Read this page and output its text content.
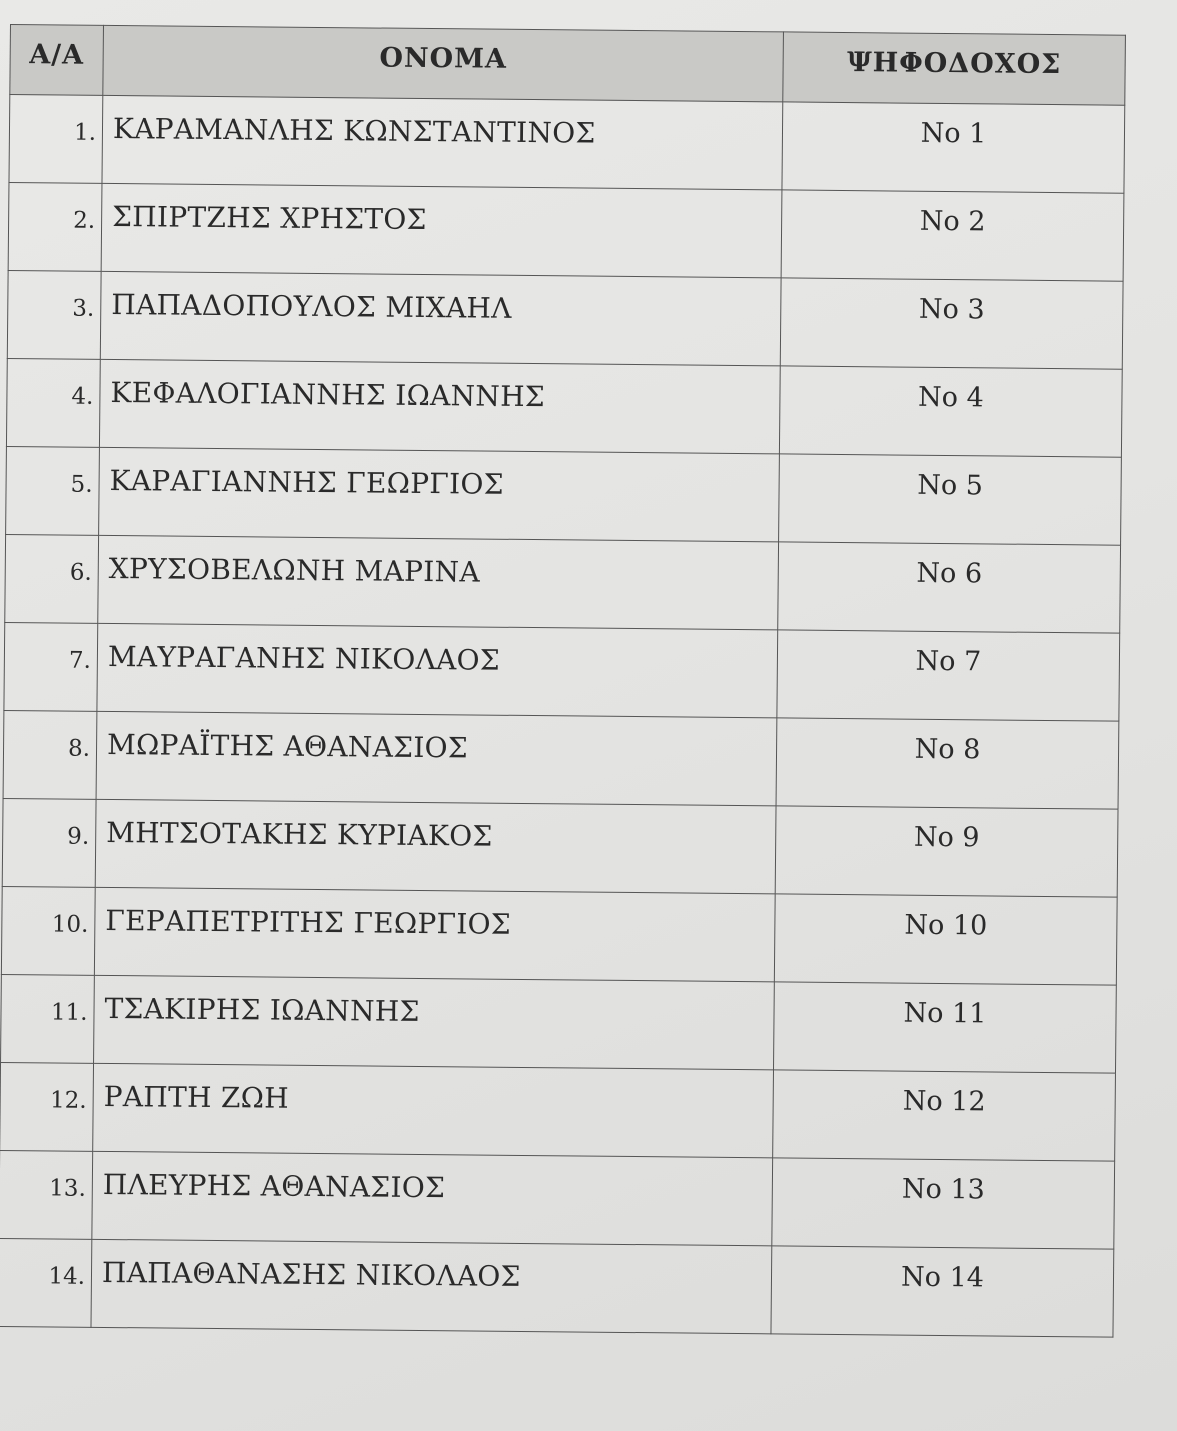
Α/Α	ΟΝΟΜΑ	ΨΗΦΟΔΟΧΟΣ
1.	ΚΑΡΑΜΑΝΛΗΣ ΚΩΝΣΤΑΝΤΙΝΟΣ	Νο 1
2.	ΣΠΙΡΤΖΗΣ ΧΡΗΣΤΟΣ	Νο 2
3.	ΠΑΠΑΔΟΠΟΥΛΟΣ ΜΙΧΑΗΛ	Νο 3
4.	ΚΕΦΑΛΟΓΙΑΝΝΗΣ ΙΩΑΝΝΗΣ	Νο 4
5.	ΚΑΡΑΓΙΑΝΝΗΣ ΓΕΩΡΓΙΟΣ	Νο 5
6.	ΧΡΥΣΟΒΕΛΩΝΗ ΜΑΡΙΝΑ	Νο 6
7.	ΜΑΥΡΑΓΑΝΗΣ ΝΙΚΟΛΑΟΣ	Νο 7
8.	ΜΩΡΑΪΤΗΣ ΑΘΑΝΑΣΙΟΣ	Νο 8
9.	ΜΗΤΣΟΤΑΚΗΣ ΚΥΡΙΑΚΟΣ	Νο 9
10.	ΓΕΡΑΠΕΤΡΙΤΗΣ ΓΕΩΡΓΙΟΣ	Νο 10
11.	ΤΣΑΚΙΡΗΣ ΙΩΑΝΝΗΣ	Νο 11
12.	ΡΑΠΤΗ ΖΩΗ	Νο 12
13.	ΠΛΕΥΡΗΣ ΑΘΑΝΑΣΙΟΣ	Νο 13
14.	ΠΑΠΑΘΑΝΑΣΗΣ ΝΙΚΟΛΑΟΣ	Νο 14
